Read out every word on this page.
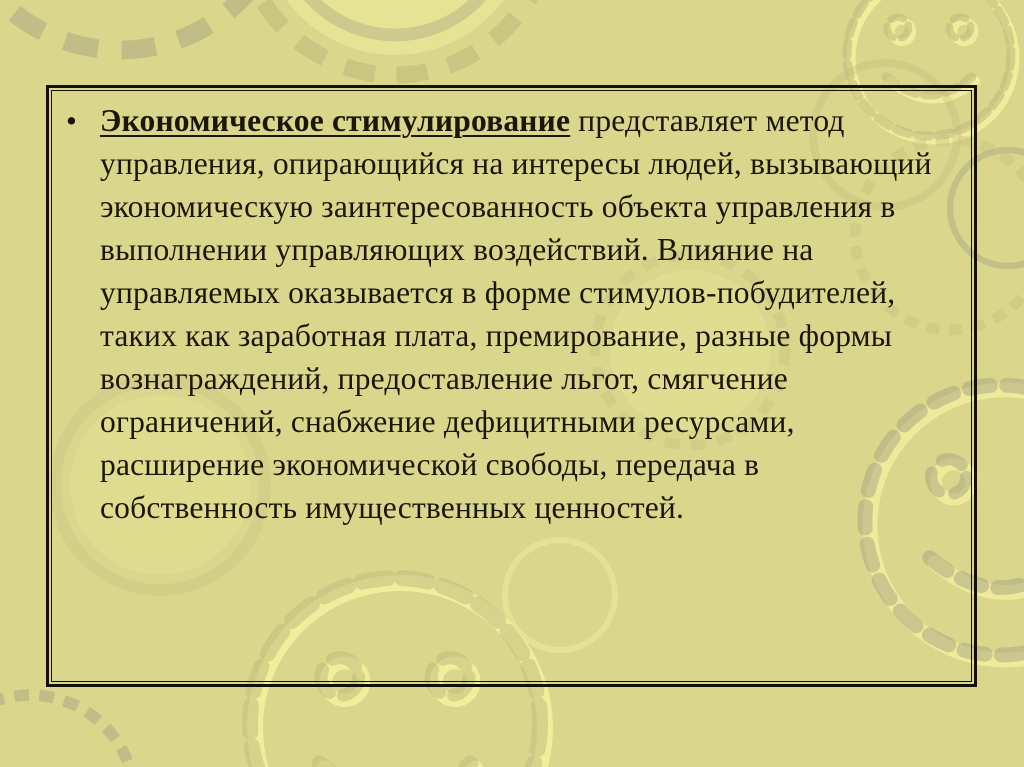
• Экономическое стимулирование представляет метод управления, опирающийся на интересы людей, вызывающий экономическую заинтересованность объекта управления в выполнении управляющих воздействий. Влияние на управляемых оказывается в форме стимулов-побудителей, таких как заработная плата, премирование, разные формы вознаграждений, предоставление льгот, смягчение ограничений, снабжение дефицитными ресурсами, расширение экономической свободы, передача в собственность имущественных ценностей.
